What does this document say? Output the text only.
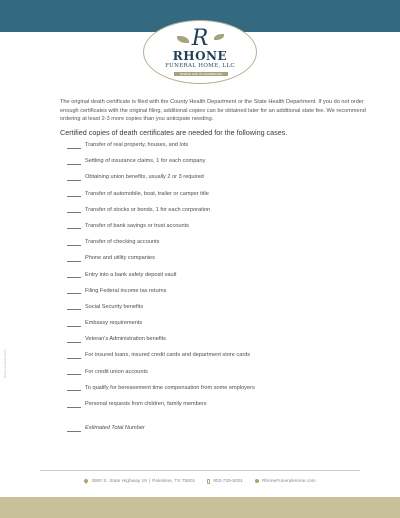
R
RHONE
FUNERAL HOME, LLC
WHERE LIFE IS CELEBRATED

The original death certificate is filed with the County Health Department or the State Health Department. If you do not order enough certificates with the original filing, additional copies can be obtained later for an additional state fee. We recommend ordering at least 2-3 more copies than you anticipate needing.

Certified copies of death certificates are needed for the following cases.

Transfer of real property, houses, and lots
Settling of insurance claims, 1 for each company
Obtaining union benefits, usually 2 or 3 required
Transfer of automobile, boat, trailer or camper title
Transfer of stocks or bonds, 1 for each corporation
Transfer of bank savings or trust accounts
Transfer of checking accounts
Phone and utility companies
Entry into a bank safety deposit vault
Filing Federal income tax returns
Social Security benefits
Embassy requirements
Veteran's Administration benefits
For insured loans, insured credit cards and department store cards
For credit union accounts
To qualify for bereavement time compensation from some employers
Personal requests from children, family members
Estimated Total Number
Rhone Funeral Home
3900 S. State Highway 19 | Palestine, TX 75801	903-729-5001	RhoneFuneralHome.com
